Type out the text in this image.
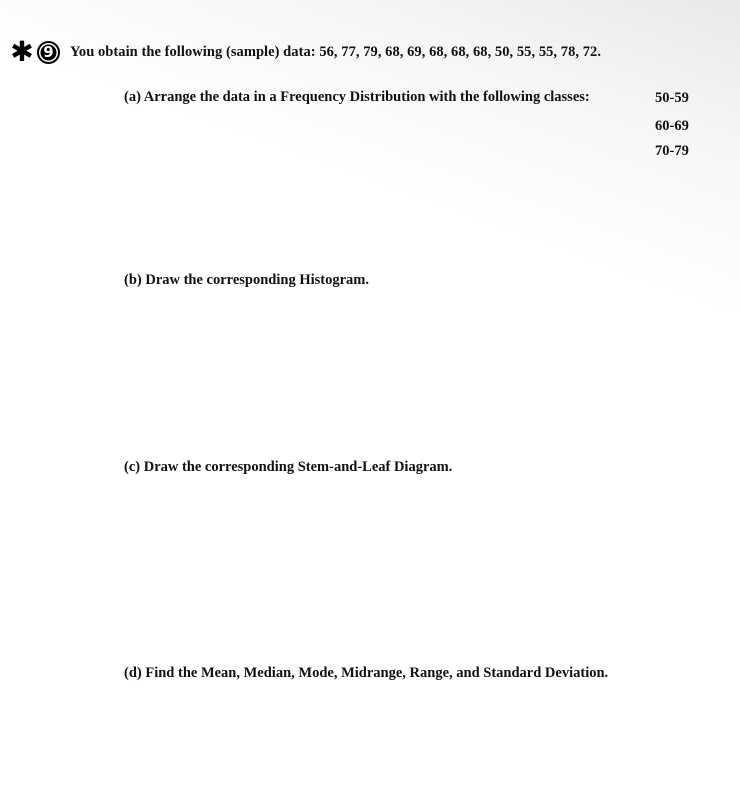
✱ 9	You obtain the following (sample) data: 56, 77, 79, 68, 69, 68, 68, 68, 50, 55, 55, 78, 72.
(a) Arrange the data in a Frequency Distribution with the following classes:	50-59
60-69
70-79
(b) Draw the corresponding Histogram.
(c) Draw the corresponding Stem-and-Leaf Diagram.
(d) Find the Mean, Median, Mode, Midrange, Range, and Standard Deviation.
